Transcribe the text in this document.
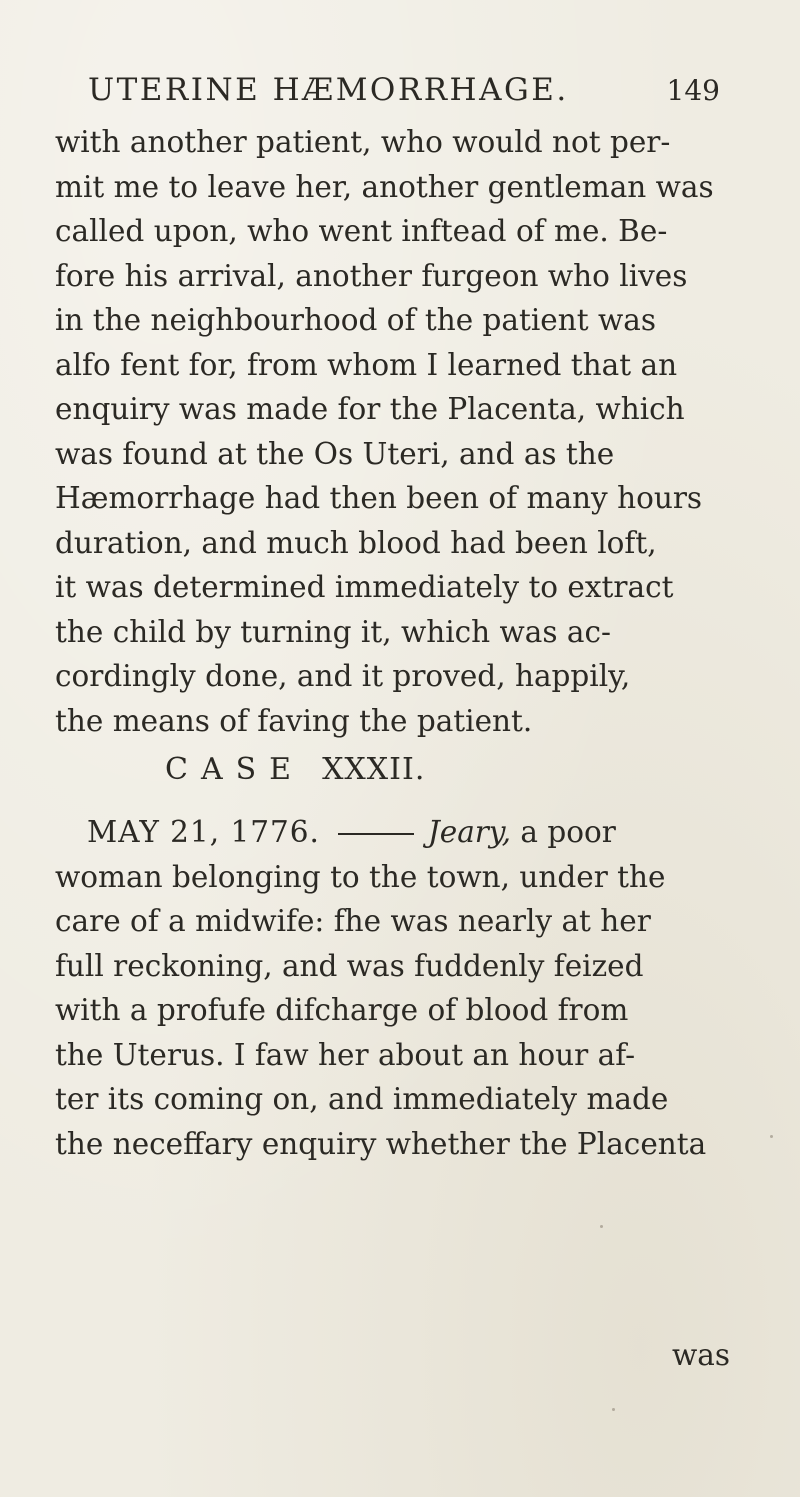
UTERINE HÆMORRHAGE.	149
with another patient, who would not per-
mit me to leave her, another gentleman was
called upon, who went inftead of me. Be-
fore his arrival, another furgeon who lives
in the neighbourhood of the patient was
alfo fent for, from whom I learned that an
enquiry was made for the Placenta, which
was found at the Os Uteri, and as the
Hæmorrhage had then been of many hours
duration, and much blood had been loft,
it was determined immediately to extract
the child by turning it, which was ac-
cordingly done, and it proved, happily,
the means of faving the patient.
CASE XXXII.
MAY 21, 1776.	Jeary, a poor
woman belonging to the town, under the
care of a midwife: fhe was nearly at her
full reckoning, and was fuddenly feized
with a profufe difcharge of blood from
the Uterus. I faw her about an hour af-
ter its coming on, and immediately made
the neceffary enquiry whether the Placenta
was
